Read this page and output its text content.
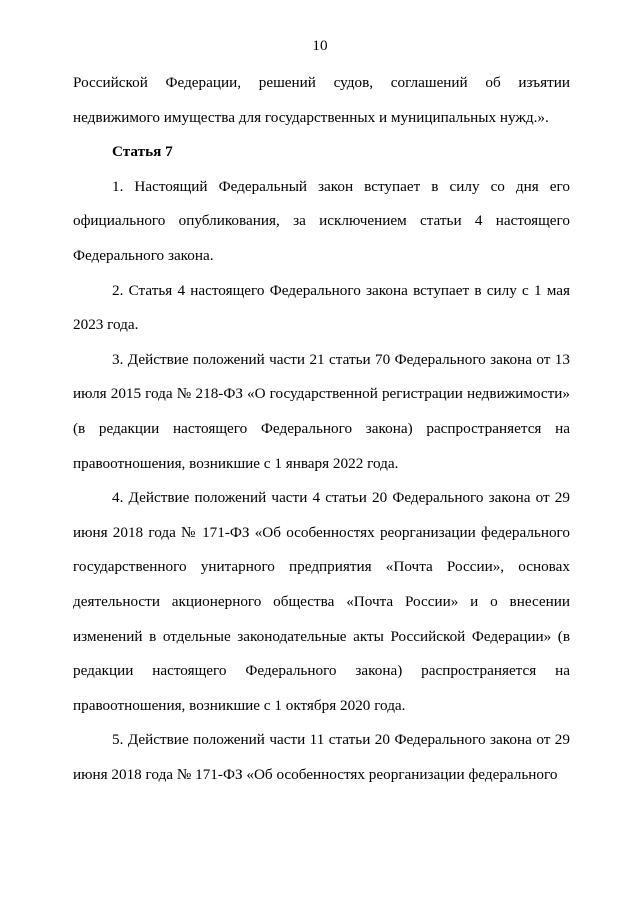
10

Российской Федерации, решений судов, соглашений об изъятии недвижимого имущества для государственных и муниципальных нужд.».

Статья 7

1. Настоящий Федеральный закон вступает в силу со дня его официального опубликования, за исключением статьи 4 настоящего Федерального закона.

2. Статья 4 настоящего Федерального закона вступает в силу с 1 мая 2023 года.

3. Действие положений части 21 статьи 70 Федерального закона от 13 июля 2015 года № 218-ФЗ «О государственной регистрации недвижимости» (в редакции настоящего Федерального закона) распространяется на правоотношения, возникшие с 1 января 2022 года.

4. Действие положений части 4 статьи 20 Федерального закона от 29 июня 2018 года № 171-ФЗ «Об особенностях реорганизации федерального государственного унитарного предприятия «Почта России», основах деятельности акционерного общества «Почта России» и о внесении изменений в отдельные законодательные акты Российской Федерации» (в редакции настоящего Федерального закона) распространяется на правоотношения, возникшие с 1 октября 2020 года.

5. Действие положений части 11 статьи 20 Федерального закона от 29 июня 2018 года № 171-ФЗ «Об особенностях реорганизации федерального
